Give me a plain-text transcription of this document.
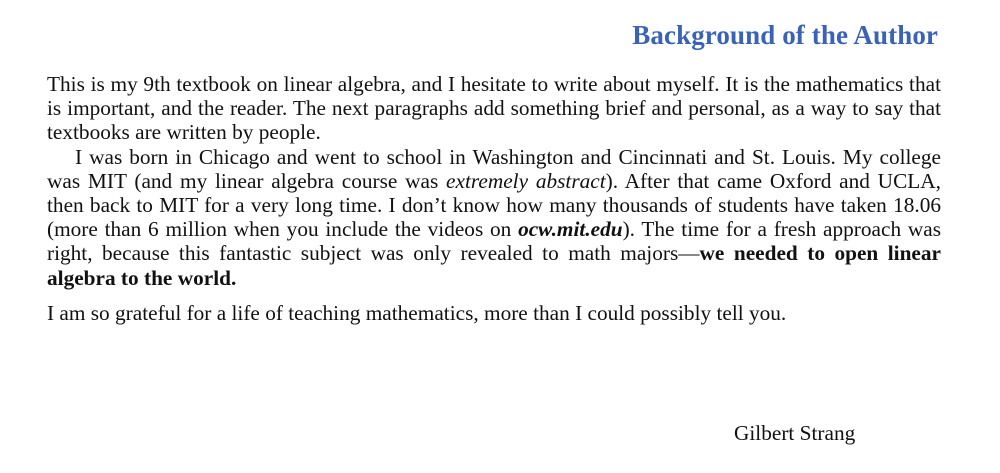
Background of the Author

This is my 9th textbook on linear algebra, and I hesitate to write about myself. It is the mathematics that is important, and the reader. The next paragraphs add something brief and personal, as a way to say that textbooks are written by people.

I was born in Chicago and went to school in Washington and Cincinnati and St. Louis. My college was MIT (and my linear algebra course was extremely abstract). After that came Oxford and UCLA, then back to MIT for a very long time. I don’t know how many thousands of students have taken 18.06 (more than 6 million when you include the videos on ocw.mit.edu). The time for a fresh approach was right, because this fantastic subject was only revealed to math majors—we needed to open linear algebra to the world.

I am so grateful for a life of teaching mathematics, more than I could possibly tell you.

Gilbert Strang
